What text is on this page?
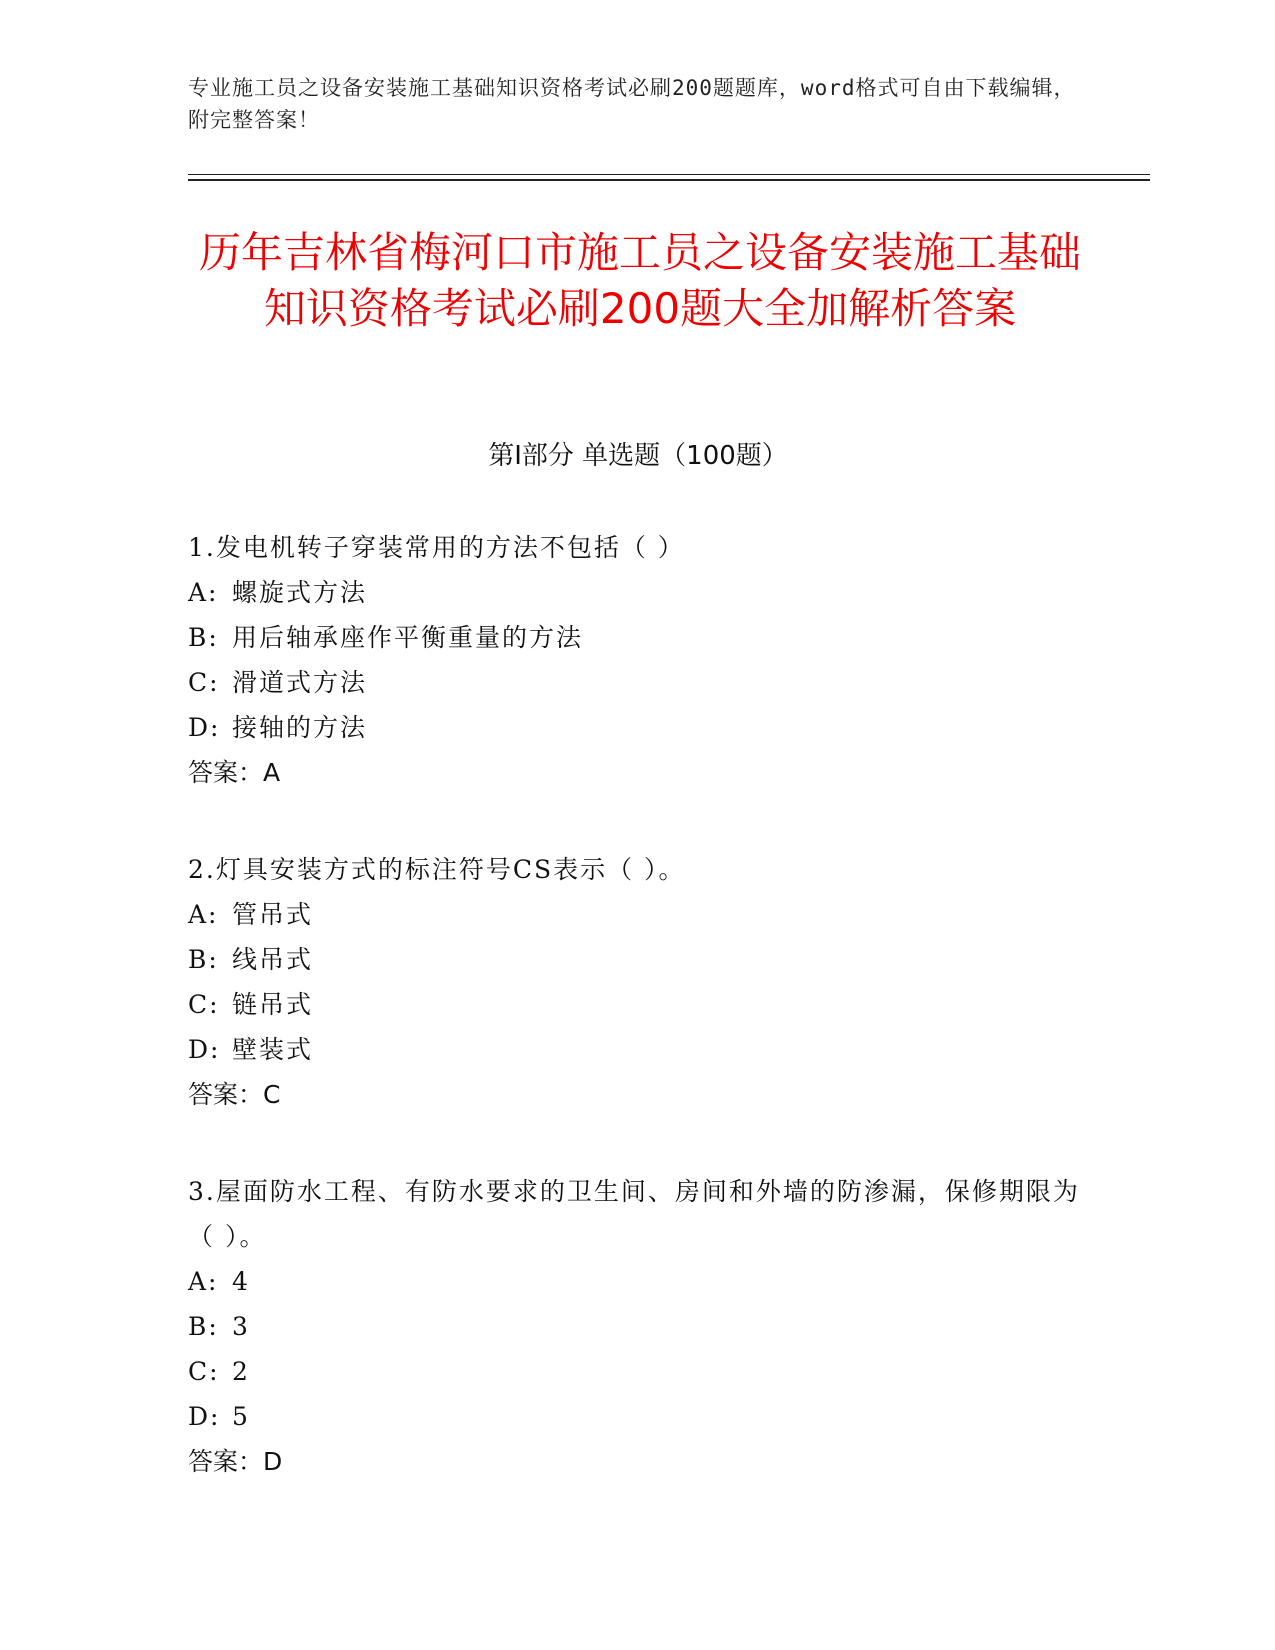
专业施工员之设备安装施工基础知识资格考试必刷200题题库，word格式可自由下载编辑，附完整答案！
历年吉林省梅河口市施工员之设备安装施工基础知识资格考试必刷200题大全加解析答案
第Ⅰ部分 单选题（100题）

1.发电机转子穿装常用的方法不包括（ ）

A: 螺旋式方法

B: 用后轴承座作平衡重量的方法

C: 滑道式方法

D: 接轴的方法

答案：A

2.灯具安装方式的标注符号CS表示（ ）。

A: 管吊式

B: 线吊式

C: 链吊式

D: 壁装式

答案：C

3.屋面防水工程、有防水要求的卫生间、房间和外墙的防渗漏，保修期限为（ ）。

A: 4

B: 3

C: 2

D: 5

答案：D
